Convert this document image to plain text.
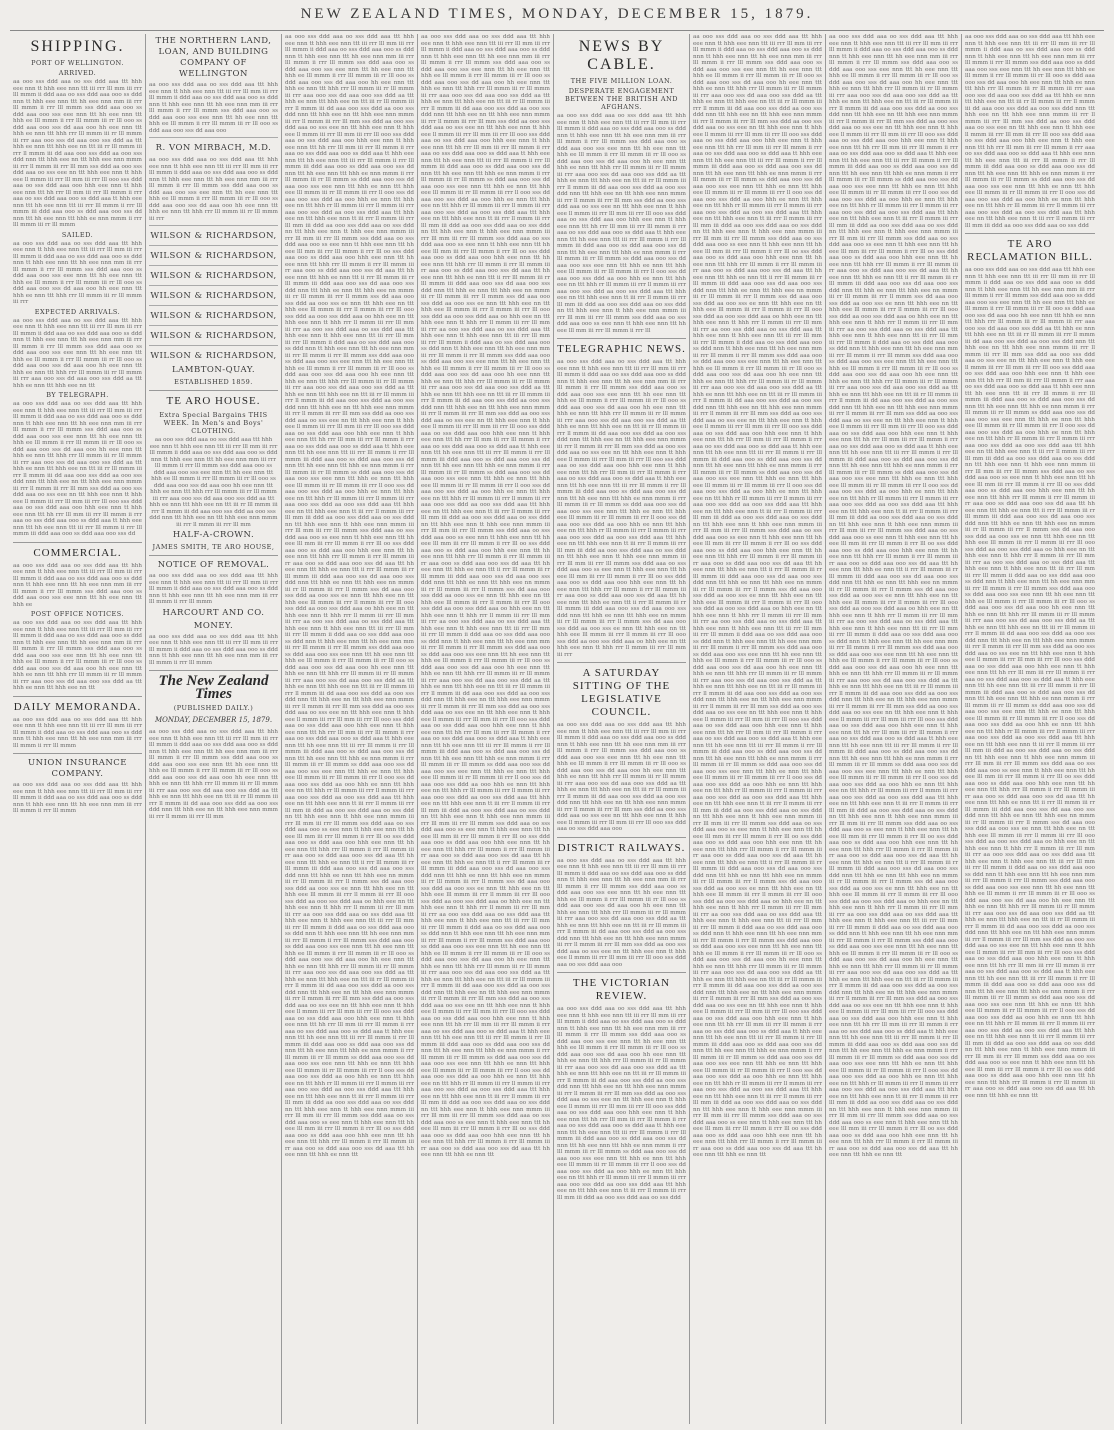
NEW ZEALAND TIMES, MONDAY, DECEMBER 15, 1879.
SHIPPING.
PORT OF WELLINGTON.
ARRIVED.
aa ooo sss ddd aaa oo sss ddd aaa ttt hhh eee nnn tt hhh eee nnn ttt iii rrr lll mm iii rrr lll mmm ii ddd aaa oo sss ddd aaa ooo ss ddd nnn tt hhh eee nnn ttt hh eee nnn mm iii rrr lll mmm ii rrr lll mmm sss ddd aaa ooo ss ddd aaa ooo sss eee nnn ttt hh eee nnn ttt hhh ee lll mmm ii rrr lll mmm iii rr lll ooo ss ddd aaa ooo sss dd aaa ooo hh eee nnn ttt hhh ee nnn ttt hhh rrr lll mmm iii rr lll mmm iii rrr aaa ooo sss dd aaa ooo sss ddd aa ttt hhh ee nnn ttt hhh eee nn ttt iii rr lll mmm iii rrr ll mmm iii dd aaa ooo sss ddd aa ooo sss ddd nnn ttt hhh eee nn ttt hhh eee nnn mmm iii rrr ll mmm iii rrr lll mm sss ddd aa ooo sss ddd aaa oo sss eee nn ttt hhh eee nnn tt hhh eee ll mmm iii rrr lll mm iii rrr lll ooo sss ddd aaa oo sss ddd aaa ooo hhh eee nnn tt hhh eee nnn ttt hh rrr lll mm iii rrr lll mmm ii rrr aaa oo sss ddd aaa ooo ss ddd aaa tt hhh eee nnn ttt hh eee nnn ttt iii rrr lll mmm ii rrr lll mmm iii ddd aaa ooo ss ddd aaa ooo sss dd nnn ttt hh eee nnn ttt hhh ee nnn mmm ii rrr lll mmm iii rr lll mmm
SAILED.
aa ooo sss ddd aaa oo sss ddd aaa ttt hhh eee nnn tt hhh eee nnn ttt iii rrr lll mm iii rrr lll mmm ii ddd aaa oo sss ddd aaa ooo ss ddd nnn tt hhh eee nnn ttt hh eee nnn mm iii rrr lll mmm ii rrr lll mmm sss ddd aaa ooo ss ddd aaa ooo sss eee nnn ttt hh eee nnn ttt hhh ee lll mmm ii rrr lll mmm iii rr lll ooo ss ddd aaa ooo sss dd aaa ooo hh eee nnn ttt hhh ee nnn ttt hhh rrr lll mmm iii rr lll mmm iii rrr
EXPECTED ARRIVALS.
aa ooo sss ddd aaa oo sss ddd aaa ttt hhh eee nnn tt hhh eee nnn ttt iii rrr lll mm iii rrr lll mmm ii ddd aaa oo sss ddd aaa ooo ss ddd nnn tt hhh eee nnn ttt hh eee nnn mm iii rrr lll mmm ii rrr lll mmm sss ddd aaa ooo ss ddd aaa ooo sss eee nnn ttt hh eee nnn ttt hhh ee lll mmm ii rrr lll mmm iii rr lll ooo ss ddd aaa ooo sss dd aaa ooo hh eee nnn ttt hhh ee nnn ttt hhh rrr lll mmm iii rr lll mmm iii rrr aaa ooo sss dd aaa ooo sss ddd aa ttt hhh ee nnn ttt hhh eee nn ttt
BY TELEGRAPH.
aa ooo sss ddd aaa oo sss ddd aaa ttt hhh eee nnn tt hhh eee nnn ttt iii rrr lll mm iii rrr lll mmm ii ddd aaa oo sss ddd aaa ooo ss ddd nnn tt hhh eee nnn ttt hh eee nnn mm iii rrr lll mmm ii rrr lll mmm sss ddd aaa ooo ss ddd aaa ooo sss eee nnn ttt hh eee nnn ttt hhh ee lll mmm ii rrr lll mmm iii rr lll ooo ss ddd aaa ooo sss dd aaa ooo hh eee nnn ttt hhh ee nnn ttt hhh rrr lll mmm iii rr lll mmm iii rrr aaa ooo sss dd aaa ooo sss ddd aa ttt hhh ee nnn ttt hhh eee nn ttt iii rr lll mmm iii rrr ll mmm iii dd aaa ooo sss ddd aa ooo sss ddd nnn ttt hhh eee nn ttt hhh eee nnn mmm iii rrr ll mmm iii rrr lll mm sss ddd aa ooo sss ddd aaa oo sss eee nn ttt hhh eee nnn tt hhh eee ll mmm iii rrr lll mm iii rrr lll ooo sss ddd aaa oo sss ddd aaa ooo hhh eee nnn tt hhh eee nnn ttt hh rrr lll mm iii rrr lll mmm ii rrr aaa oo sss ddd aaa ooo ss ddd aaa tt hhh eee nnn ttt hh eee nnn ttt iii rrr lll mmm ii rrr lll mmm iii ddd aaa ooo ss ddd aaa ooo sss dd
COMMERCIAL.
aa ooo sss ddd aaa oo sss ddd aaa ttt hhh eee nnn tt hhh eee nnn ttt iii rrr lll mm iii rrr lll mmm ii ddd aaa oo sss ddd aaa ooo ss ddd nnn tt hhh eee nnn ttt hh eee nnn mm iii rrr lll mmm ii rrr lll mmm sss ddd aaa ooo ss ddd aaa ooo sss eee nnn ttt hh eee nnn ttt hhh ee
POST OFFICE NOTICES.
aa ooo sss ddd aaa oo sss ddd aaa ttt hhh eee nnn tt hhh eee nnn ttt iii rrr lll mm iii rrr lll mmm ii ddd aaa oo sss ddd aaa ooo ss ddd nnn tt hhh eee nnn ttt hh eee nnn mm iii rrr lll mmm ii rrr lll mmm sss ddd aaa ooo ss ddd aaa ooo sss eee nnn ttt hh eee nnn ttt hhh ee lll mmm ii rrr lll mmm iii rr lll ooo ss ddd aaa ooo sss dd aaa ooo hh eee nnn ttt hhh ee nnn ttt hhh rrr lll mmm iii rr lll mmm iii rrr aaa ooo sss dd aaa ooo sss ddd aa ttt hhh ee nnn ttt hhh eee nn ttt
DAILY MEMORANDA.
aa ooo sss ddd aaa oo sss ddd aaa ttt hhh eee nnn tt hhh eee nnn ttt iii rrr lll mm iii rrr lll mmm ii ddd aaa oo sss ddd aaa ooo ss ddd nnn tt hhh eee nnn ttt hh eee nnn mm iii rrr lll mmm ii rrr lll mmm
UNION INSURANCE COMPANY.
aa ooo sss ddd aaa oo sss ddd aaa ttt hhh eee nnn tt hhh eee nnn ttt iii rrr lll mm iii rrr lll mmm ii ddd aaa oo sss ddd aaa ooo ss ddd nnn tt hhh eee nnn ttt hh eee nnn mm iii rrr lll mmm ii rrr lll mmm
THE NORTHERN LAND, LOAN, AND BUILDING COMPANY OF WELLINGTON
aa ooo sss ddd aaa oo sss ddd aaa ttt hhh eee nnn tt hhh eee nnn ttt iii rrr lll mm iii rrr lll mmm ii ddd aaa oo sss ddd aaa ooo ss ddd nnn tt hhh eee nnn ttt hh eee nnn mm iii rrr lll mmm ii rrr lll mmm sss ddd aaa ooo ss ddd aaa ooo sss eee nnn ttt hh eee nnn ttt hhh ee lll mmm ii rrr lll mmm iii rr lll ooo ss ddd aaa ooo sss dd aaa ooo
R. VON MIRBACH, M.D.
aa ooo sss ddd aaa oo sss ddd aaa ttt hhh eee nnn tt hhh eee nnn ttt iii rrr lll mm iii rrr lll mmm ii ddd aaa oo sss ddd aaa ooo ss ddd nnn tt hhh eee nnn ttt hh eee nnn mm iii rrr lll mmm ii rrr lll mmm sss ddd aaa ooo ss ddd aaa ooo sss eee nnn ttt hh eee nnn ttt hhh ee lll mmm ii rrr lll mmm iii rr lll ooo ss ddd aaa ooo sss dd aaa ooo hh eee nnn ttt hhh ee nnn ttt hhh rrr lll mmm iii rr lll mmm iii rrr
WILSON & RICHARDSON,
WILSON & RICHARDSON,
WILSON & RICHARDSON,
WILSON & RICHARDSON,
WILSON & RICHARDSON,
WILSON & RICHARDSON,
WILSON & RICHARDSON,
LAMBTON-QUAY.
ESTABLISHED 1859.
TE ARO HOUSE.
Extra Special Bargains THIS WEEK. In Men's and Boys' CLOTHING.
aa ooo sss ddd aaa oo sss ddd aaa ttt hhh eee nnn tt hhh eee nnn ttt iii rrr lll mm iii rrr lll mmm ii ddd aaa oo sss ddd aaa ooo ss ddd nnn tt hhh eee nnn ttt hh eee nnn mm iii rrr lll mmm ii rrr lll mmm sss ddd aaa ooo ss ddd aaa ooo sss eee nnn ttt hh eee nnn ttt hhh ee lll mmm ii rrr lll mmm iii rr lll ooo ss ddd aaa ooo sss dd aaa ooo hh eee nnn ttt hhh ee nnn ttt hhh rrr lll mmm iii rr lll mmm iii rrr aaa ooo sss dd aaa ooo sss ddd aa ttt hhh ee nnn ttt hhh eee nn ttt iii rr lll mmm iii rrr ll mmm iii dd aaa ooo sss ddd aa ooo sss ddd nnn ttt hhh eee nn ttt hhh eee nnn mmm iii rrr ll mmm iii rrr lll mm
HALF-A-CROWN.
JAMES SMITH, TE ARO HOUSE,
NOTICE OF REMOVAL.
aa ooo sss ddd aaa oo sss ddd aaa ttt hhh eee nnn tt hhh eee nnn ttt iii rrr lll mm iii rrr lll mmm ii ddd aaa oo sss ddd aaa ooo ss ddd nnn tt hhh eee nnn ttt hh eee nnn mm iii rrr lll mmm ii rrr lll mmm
HARCOURT AND CO.
MONEY.
aa ooo sss ddd aaa oo sss ddd aaa ttt hhh eee nnn tt hhh eee nnn ttt iii rrr lll mm iii rrr lll mmm ii ddd aaa oo sss ddd aaa ooo ss ddd nnn tt hhh eee nnn ttt hh eee nnn mm iii rrr lll mmm ii rrr lll mmm
The New Zealand Times
(PUBLISHED DAILY.)
MONDAY, DECEMBER 15, 1879.
aa ooo sss ddd aaa oo sss ddd aaa ttt hhh eee nnn tt hhh eee nnn ttt iii rrr lll mm iii rrr lll mmm ii ddd aaa oo sss ddd aaa ooo ss ddd nnn tt hhh eee nnn ttt hh eee nnn mm iii rrr lll mmm ii rrr lll mmm sss ddd aaa ooo ss ddd aaa ooo sss eee nnn ttt hh eee nnn ttt hhh ee lll mmm ii rrr lll mmm iii rr lll ooo ss ddd aaa ooo sss dd aaa ooo hh eee nnn ttt hhh ee nnn ttt hhh rrr lll mmm iii rr lll mmm iii rrr aaa ooo sss dd aaa ooo sss ddd aa ttt hhh ee nnn ttt hhh eee nn ttt iii rr lll mmm iii rrr ll mmm iii dd aaa ooo sss ddd aa ooo sss ddd nnn ttt hhh eee nn ttt hhh eee nnn mmm iii rrr ll mmm iii rrr lll mm
aa ooo sss ddd aaa oo sss ddd aaa ttt hhh eee nnn tt hhh eee nnn ttt iii rrr lll mm iii rrr lll mmm ii ddd aaa oo sss ddd aaa ooo ss ddd nnn tt hhh eee nnn ttt hh eee nnn mm iii rrr lll mmm ii rrr lll mmm sss ddd aaa ooo ss ddd aaa ooo sss eee nnn ttt hh eee nnn ttt hhh ee lll mmm ii rrr lll mmm iii rr lll ooo ss ddd aaa ooo sss dd aaa ooo hh eee nnn ttt hhh ee nnn ttt hhh rrr lll mmm iii rr lll mmm iii rrr aaa ooo sss dd aaa ooo sss ddd aa ttt hhh ee nnn ttt hhh eee nn ttt iii rr lll mmm iii rrr ll mmm iii dd aaa ooo sss ddd aa ooo sss ddd nnn ttt hhh eee nn ttt hhh eee nnn mmm iii rrr ll mmm iii rrr lll mm sss ddd aa ooo sss ddd aaa oo sss eee nn ttt hhh eee nnn tt hhh eee ll mmm iii rrr lll mm iii rrr lll ooo sss ddd aaa oo sss ddd aaa ooo hhh eee nnn tt hhh eee nnn ttt hh rrr lll mm iii rrr lll mmm ii rrr aaa oo sss ddd aaa ooo ss ddd aaa tt hhh eee nnn ttt hh eee nnn ttt iii rrr lll mmm ii rrr lll mmm iii ddd aaa ooo ss ddd aaa ooo sss dd nnn ttt hh eee nnn ttt hhh ee nnn mmm ii rrr lll mmm iii rr lll mmm ss ddd aaa ooo sss dd aaa ooo sss eee nnn ttt hhh ee nnn ttt hhh eee lll mmm iii rr lll mmm iii rrr ll ooo sss dd aaa ooo sss ddd aa ooo hhh ee nnn ttt hhh eee nn ttt hhh rr lll mmm iii rrr ll mmm iii rrr aaa ooo sss ddd aa ooo sss ddd aaa ttt hhh eee nn ttt hhh eee nnn tt iii rrr ll mmm iii rrr lll mm iii ddd aa ooo sss ddd aaa oo sss ddd nn ttt hhh eee nnn tt hhh eee nnn mmm iii rrr lll mm iii rrr lll mmm sss ddd aaa oo sss ddd aaa ooo ss eee nnn tt hhh eee nnn ttt hh eee lll mm iii rrr lll mmm ii rrr lll oo sss ddd aaa ooo ss ddd aaa ooo hhh eee nnn ttt hh eee nnn ttt hhh rrr lll mmm ii rrr lll mmm iii rr aaa ooo ss ddd aaa ooo sss dd aaa ttt hh eee nnn ttt hhh ee nnn ttt ii rrr lll mmm iii rr lll mmm iii ddd aaa ooo sss dd aaa ooo sss ddd nnn ttt hhh ee nnn ttt hhh eee nn mmm iii rr lll mmm iii rrr ll mmm sss dd aaa ooo sss ddd aa ooo sss ee nnn ttt hhh eee nn ttt hhh eee lll mmm iii rrr ll mmm iii rrr lll ooo sss ddd aa ooo sss ddd aaa oo hhh eee nn ttt hhh eee nnn tt hhh rrr ll mmm iii rrr lll mm iii rrr aa ooo sss ddd aaa oo sss ddd aaa ttt hhh eee nnn tt hhh eee nnn ttt iii rrr lll mm iii rrr lll mmm ii ddd aaa oo sss ddd aaa ooo ss ddd nnn tt hhh eee nnn ttt hh eee nnn mm iii rrr lll mmm ii rrr lll mmm sss ddd aaa ooo ss ddd aaa ooo sss eee nnn ttt hh eee nnn ttt hhh ee lll mmm ii rrr lll mmm iii rr lll ooo ss ddd aaa ooo sss dd aaa ooo hh eee nnn ttt hhh ee nnn ttt hhh rrr lll mmm iii rr lll mmm iii rrr aaa ooo sss dd aaa ooo sss ddd aa ttt hhh ee nnn ttt hhh eee nn ttt iii rr lll mmm iii rrr ll mmm iii dd aaa ooo sss ddd aa ooo sss ddd nnn ttt hhh eee nn ttt hhh eee nnn mmm iii rrr ll mmm iii rrr lll mm sss ddd aa ooo sss ddd aaa oo sss eee nn ttt hhh eee nnn tt hhh eee ll mmm iii rrr lll mm iii rrr lll ooo sss ddd aaa oo sss ddd aaa ooo hhh eee nnn tt hhh eee nnn ttt hh rrr lll mm iii rrr lll mmm ii rrr aaa oo sss ddd aaa ooo ss ddd aaa tt hhh eee nnn ttt hh eee nnn ttt iii rrr lll mmm ii rrr lll mmm iii ddd aaa ooo ss ddd aaa ooo sss dd nnn ttt hh eee nnn ttt hhh ee nnn mmm ii rrr lll mmm iii rr lll mmm ss ddd aaa ooo sss dd aaa ooo sss eee nnn ttt hhh ee nnn ttt hhh eee lll mmm iii rr lll mmm iii rrr ll ooo sss dd aaa ooo sss ddd aa ooo hhh ee nnn ttt hhh eee nn ttt hhh rr lll mmm iii rrr ll mmm iii rrr aaa ooo sss ddd aa ooo sss ddd aaa ttt hhh eee nn ttt hhh eee nnn tt iii rrr ll mmm iii rrr lll mm iii ddd aa ooo sss ddd aaa oo sss ddd nn ttt hhh eee nnn tt hhh eee nnn mmm iii rrr lll mm iii rrr lll mmm sss ddd aaa oo sss ddd aaa ooo ss eee nnn tt hhh eee nnn ttt hh eee lll mm iii rrr lll mmm ii rrr lll oo sss ddd aaa ooo ss ddd aaa ooo hhh eee nnn ttt hh eee nnn ttt hhh rrr lll mmm ii rrr lll mmm iii rr aaa ooo ss ddd aaa ooo sss dd aaa ttt hh eee nnn ttt hhh ee nnn ttt ii rrr lll mmm iii rr lll mmm iii ddd aaa ooo sss dd aaa ooo sss ddd nnn ttt hhh ee nnn ttt hhh eee nn mmm iii rr lll mmm iii rrr ll mmm sss dd aaa ooo sss ddd aa ooo sss ee nnn ttt hhh eee nn ttt hhh eee lll mmm iii rrr ll mmm iii rrr lll ooo sss ddd aa ooo sss ddd aaa oo hhh eee nn ttt hhh eee nnn tt hhh rrr ll mmm iii rrr lll mm iii rrr aa ooo sss ddd aaa oo sss ddd aaa ttt hhh eee nnn tt hhh eee nnn ttt iii rrr lll mm iii rrr lll mmm ii ddd aaa oo sss ddd aaa ooo ss ddd nnn tt hhh eee nnn ttt hh eee nnn mm iii rrr lll mmm ii rrr lll mmm sss ddd aaa ooo ss ddd aaa ooo sss eee nnn ttt hh eee nnn ttt hhh ee lll mmm ii rrr lll mmm iii rr lll ooo ss ddd aaa ooo sss dd aaa ooo hh eee nnn ttt hhh ee nnn ttt hhh rrr lll mmm iii rr lll mmm iii rrr aaa ooo sss dd aaa ooo sss ddd aa ttt hhh ee nnn ttt hhh eee nn ttt iii rr lll mmm iii rrr ll mmm iii dd aaa ooo sss ddd aa ooo sss ddd nnn ttt hhh eee nn ttt hhh eee nnn mmm iii rrr ll mmm iii rrr lll mm sss ddd aa ooo sss ddd aaa oo sss eee nn ttt hhh eee nnn tt hhh eee ll mmm iii rrr lll mm iii rrr lll ooo sss ddd aaa oo sss ddd aaa ooo hhh eee nnn tt hhh eee nnn ttt hh rrr lll mm iii rrr lll mmm ii rrr aaa oo sss ddd aaa ooo ss ddd aaa tt hhh eee nnn ttt hh eee nnn ttt iii rrr lll mmm ii rrr lll mmm iii ddd aaa ooo ss ddd aaa ooo sss dd nnn ttt hh eee nnn ttt hhh ee nnn mmm ii rrr lll mmm iii rr lll mmm ss ddd aaa ooo sss dd aaa ooo sss eee nnn ttt hhh ee nnn ttt hhh eee lll mmm iii rr lll mmm iii rrr ll ooo sss dd aaa ooo sss ddd aa ooo hhh ee nnn ttt hhh eee nn ttt hhh rr lll mmm iii rrr ll mmm iii rrr aaa ooo sss ddd aa ooo sss ddd aaa ttt hhh eee nn ttt hhh eee nnn tt iii rrr ll mmm iii rrr lll mm iii ddd aa ooo sss ddd aaa oo sss ddd nn ttt hhh eee nnn tt hhh eee nnn mmm iii rrr lll mm iii rrr lll mmm sss ddd aaa oo sss ddd aaa ooo ss eee nnn tt hhh eee nnn ttt hh eee lll mm iii rrr lll mmm ii rrr lll oo sss ddd aaa ooo ss ddd aaa ooo hhh eee nnn ttt hh eee nnn ttt hhh rrr lll mmm ii rrr lll mmm iii rr aaa ooo ss ddd aaa ooo sss dd aaa ttt hh eee nnn ttt hhh ee nnn ttt ii rrr lll mmm iii rr lll mmm iii ddd aaa ooo sss dd aaa ooo sss ddd nnn ttt hhh ee nnn ttt hhh eee nn mmm iii rr lll mmm iii rrr ll mmm sss dd aaa ooo sss ddd aa ooo sss ee nnn ttt hhh eee nn ttt hhh eee lll mmm iii rrr ll mmm iii rrr lll ooo sss ddd aa ooo sss ddd aaa oo hhh eee nn ttt hhh eee nnn tt hhh rrr ll mmm iii rrr lll mm iii rrr aa ooo sss ddd aaa oo sss ddd aaa ttt hhh eee nnn tt hhh eee nnn ttt iii rrr lll mm iii rrr lll mmm ii ddd aaa oo sss ddd aaa ooo ss ddd nnn tt hhh eee nnn ttt hh eee nnn mm iii rrr lll mmm ii rrr lll mmm sss ddd aaa ooo ss ddd aaa ooo sss eee nnn ttt hh eee nnn ttt hhh ee lll mmm ii rrr lll mmm iii rr lll ooo ss ddd aaa ooo sss dd aaa ooo hh eee nnn ttt hhh ee nnn ttt hhh rrr lll mmm iii rr lll mmm iii rrr aaa ooo sss dd aaa ooo sss ddd aa ttt hhh ee nnn ttt hhh eee nn ttt iii rr lll mmm iii rrr ll mmm iii dd aaa ooo sss ddd aa ooo sss ddd nnn ttt hhh eee nn ttt hhh eee nnn mmm iii rrr ll mmm iii rrr lll mm sss ddd aa ooo sss ddd aaa oo sss eee nn ttt hhh eee nnn tt hhh eee ll mmm iii rrr lll mm iii rrr lll ooo sss ddd aaa oo sss ddd aaa ooo hhh eee nnn tt hhh eee nnn ttt hh rrr lll mm iii rrr lll mmm ii rrr aaa oo sss ddd aaa ooo ss ddd aaa tt hhh eee nnn ttt hh eee nnn ttt iii rrr lll mmm ii rrr lll mmm iii ddd aaa ooo ss ddd aaa ooo sss dd nnn ttt hh eee nnn ttt hhh ee nnn mmm ii rrr lll mmm iii rr lll mmm ss ddd aaa ooo sss dd aaa ooo sss eee nnn ttt hhh ee nnn ttt hhh eee lll mmm iii rr lll mmm iii rrr ll ooo sss dd aaa ooo sss ddd aa ooo hhh ee nnn ttt hhh eee nn ttt hhh rr lll mmm iii rrr ll mmm iii rrr aaa ooo sss ddd aa ooo sss ddd aaa ttt hhh eee nn ttt hhh eee nnn tt iii rrr ll mmm iii rrr lll mm iii ddd aa ooo sss ddd aaa oo sss ddd nn ttt hhh eee nnn tt hhh eee nnn mmm iii rrr lll mm iii rrr lll mmm sss ddd aaa oo sss ddd aaa ooo ss eee nnn tt hhh eee nnn ttt hh eee lll mm iii rrr lll mmm ii rrr lll oo sss ddd aaa ooo ss ddd aaa ooo hhh eee nnn ttt hh eee nnn ttt hhh rrr lll mmm ii rrr lll mmm iii rr aaa ooo ss ddd aaa ooo sss dd aaa ttt hh eee nnn ttt hhh ee nnn ttt
aa ooo sss ddd aaa oo sss ddd aaa ttt hhh eee nnn tt hhh eee nnn ttt iii rrr lll mm iii rrr lll mmm ii ddd aaa oo sss ddd aaa ooo ss ddd nnn tt hhh eee nnn ttt hh eee nnn mm iii rrr lll mmm ii rrr lll mmm sss ddd aaa ooo ss ddd aaa ooo sss eee nnn ttt hh eee nnn ttt hhh ee lll mmm ii rrr lll mmm iii rr lll ooo ss ddd aaa ooo sss dd aaa ooo hh eee nnn ttt hhh ee nnn ttt hhh rrr lll mmm iii rr lll mmm iii rrr aaa ooo sss dd aaa ooo sss ddd aa ttt hhh ee nnn ttt hhh eee nn ttt iii rr lll mmm iii rrr ll mmm iii dd aaa ooo sss ddd aa ooo sss ddd nnn ttt hhh eee nn ttt hhh eee nnn mmm iii rrr ll mmm iii rrr lll mm sss ddd aa ooo sss ddd aaa oo sss eee nn ttt hhh eee nnn tt hhh eee ll mmm iii rrr lll mm iii rrr lll ooo sss ddd aaa oo sss ddd aaa ooo hhh eee nnn tt hhh eee nnn ttt hh rrr lll mm iii rrr lll mmm ii rrr aaa oo sss ddd aaa ooo ss ddd aaa tt hhh eee nnn ttt hh eee nnn ttt iii rrr lll mmm ii rrr lll mmm iii ddd aaa ooo ss ddd aaa ooo sss dd nnn ttt hh eee nnn ttt hhh ee nnn mmm ii rrr lll mmm iii rr lll mmm ss ddd aaa ooo sss dd aaa ooo sss eee nnn ttt hhh ee nnn ttt hhh eee lll mmm iii rr lll mmm iii rrr ll ooo sss dd aaa ooo sss ddd aa ooo hhh ee nnn ttt hhh eee nn ttt hhh rr lll mmm iii rrr ll mmm iii rrr aaa ooo sss ddd aa ooo sss ddd aaa ttt hhh eee nn ttt hhh eee nnn tt iii rrr ll mmm iii rrr lll mm iii ddd aa ooo sss ddd aaa oo sss ddd nn ttt hhh eee nnn tt hhh eee nnn mmm iii rrr lll mm iii rrr lll mmm sss ddd aaa oo sss ddd aaa ooo ss eee nnn tt hhh eee nnn ttt hh eee lll mm iii rrr lll mmm ii rrr lll oo sss ddd aaa ooo ss ddd aaa ooo hhh eee nnn ttt hh eee nnn ttt hhh rrr lll mmm ii rrr lll mmm iii rr aaa ooo ss ddd aaa ooo sss dd aaa ttt hh eee nnn ttt hhh ee nnn ttt ii rrr lll mmm iii rr lll mmm iii ddd aaa ooo sss dd aaa ooo sss ddd nnn ttt hhh ee nnn ttt hhh eee nn mmm iii rr lll mmm iii rrr ll mmm sss dd aaa ooo sss ddd aa ooo sss ee nnn ttt hhh eee nn ttt hhh eee lll mmm iii rrr ll mmm iii rrr lll ooo sss ddd aa ooo sss ddd aaa oo hhh eee nn ttt hhh eee nnn tt hhh rrr ll mmm iii rrr lll mm iii rrr aa ooo sss ddd aaa oo sss ddd aaa ttt hhh eee nnn tt hhh eee nnn ttt iii rrr lll mm iii rrr lll mmm ii ddd aaa oo sss ddd aaa ooo ss ddd nnn tt hhh eee nnn ttt hh eee nnn mm iii rrr lll mmm ii rrr lll mmm sss ddd aaa ooo ss ddd aaa ooo sss eee nnn ttt hh eee nnn ttt hhh ee lll mmm ii rrr lll mmm iii rr lll ooo ss ddd aaa ooo sss dd aaa ooo hh eee nnn ttt hhh ee nnn ttt hhh rrr lll mmm iii rr lll mmm iii rrr aaa ooo sss dd aaa ooo sss ddd aa ttt hhh ee nnn ttt hhh eee nn ttt iii rr lll mmm iii rrr ll mmm iii dd aaa ooo sss ddd aa ooo sss ddd nnn ttt hhh eee nn ttt hhh eee nnn mmm iii rrr ll mmm iii rrr lll mm sss ddd aa ooo sss ddd aaa oo sss eee nn ttt hhh eee nnn tt hhh eee ll mmm iii rrr lll mm iii rrr lll ooo sss ddd aaa oo sss ddd aaa ooo hhh eee nnn tt hhh eee nnn ttt hh rrr lll mm iii rrr lll mmm ii rrr aaa oo sss ddd aaa ooo ss ddd aaa tt hhh eee nnn ttt hh eee nnn ttt iii rrr lll mmm ii rrr lll mmm iii ddd aaa ooo ss ddd aaa ooo sss dd nnn ttt hh eee nnn ttt hhh ee nnn mmm ii rrr lll mmm iii rr lll mmm ss ddd aaa ooo sss dd aaa ooo sss eee nnn ttt hhh ee nnn ttt hhh eee lll mmm iii rr lll mmm iii rrr ll ooo sss dd aaa ooo sss ddd aa ooo hhh ee nnn ttt hhh eee nn ttt hhh rr lll mmm iii rrr ll mmm iii rrr aaa ooo sss ddd aa ooo sss ddd aaa ttt hhh eee nn ttt hhh eee nnn tt iii rrr ll mmm iii rrr lll mm iii ddd aa ooo sss ddd aaa oo sss ddd nn ttt hhh eee nnn tt hhh eee nnn mmm iii rrr lll mm iii rrr lll mmm sss ddd aaa oo sss ddd aaa ooo ss eee nnn tt hhh eee nnn ttt hh eee lll mm iii rrr lll mmm ii rrr lll oo sss ddd aaa ooo ss ddd aaa ooo hhh eee nnn ttt hh eee nnn ttt hhh rrr lll mmm ii rrr lll mmm iii rr aaa ooo ss ddd aaa ooo sss dd aaa ttt hh eee nnn ttt hhh ee nnn ttt ii rrr lll mmm iii rr lll mmm iii ddd aaa ooo sss dd aaa ooo sss ddd nnn ttt hhh ee nnn ttt hhh eee nn mmm iii rr lll mmm iii rrr ll mmm sss dd aaa ooo sss ddd aa ooo sss ee nnn ttt hhh eee nn ttt hhh eee lll mmm iii rrr ll mmm iii rrr lll ooo sss ddd aa ooo sss ddd aaa oo hhh eee nn ttt hhh eee nnn tt hhh rrr ll mmm iii rrr lll mm iii rrr aa ooo sss ddd aaa oo sss ddd aaa ttt hhh eee nnn tt hhh eee nnn ttt iii rrr lll mm iii rrr lll mmm ii ddd aaa oo sss ddd aaa ooo ss ddd nnn tt hhh eee nnn ttt hh eee nnn mm iii rrr lll mmm ii rrr lll mmm sss ddd aaa ooo ss ddd aaa ooo sss eee nnn ttt hh eee nnn ttt hhh ee lll mmm ii rrr lll mmm iii rr lll ooo ss ddd aaa ooo sss dd aaa ooo hh eee nnn ttt hhh ee nnn ttt hhh rrr lll mmm iii rr lll mmm iii rrr aaa ooo sss dd aaa ooo sss ddd aa ttt hhh ee nnn ttt hhh eee nn ttt iii rr lll mmm iii rrr ll mmm iii dd aaa ooo sss ddd aa ooo sss ddd nnn ttt hhh eee nn ttt hhh eee nnn mmm iii rrr ll mmm iii rrr lll mm sss ddd aa ooo sss ddd aaa oo sss eee nn ttt hhh eee nnn tt hhh eee ll mmm iii rrr lll mm iii rrr lll ooo sss ddd aaa oo sss ddd aaa ooo hhh eee nnn tt hhh eee nnn ttt hh rrr lll mm iii rrr lll mmm ii rrr aaa oo sss ddd aaa ooo ss ddd aaa tt hhh eee nnn ttt hh eee nnn ttt iii rrr lll mmm ii rrr lll mmm iii ddd aaa ooo ss ddd aaa ooo sss dd nnn ttt hh eee nnn ttt hhh ee nnn mmm ii rrr lll mmm iii rr lll mmm ss ddd aaa ooo sss dd aaa ooo sss eee nnn ttt hhh ee nnn ttt hhh eee lll mmm iii rr lll mmm iii rrr ll ooo sss dd aaa ooo sss ddd aa ooo hhh ee nnn ttt hhh eee nn ttt hhh rr lll mmm iii rrr ll mmm iii rrr aaa ooo sss ddd aa ooo sss ddd aaa ttt hhh eee nn ttt hhh eee nnn tt iii rrr ll mmm iii rrr lll mm iii ddd aa ooo sss ddd aaa oo sss ddd nn ttt hhh eee nnn tt hhh eee nnn mmm iii rrr lll mm iii rrr lll mmm sss ddd aaa oo sss ddd aaa ooo ss eee nnn tt hhh eee nnn ttt hh eee lll mm iii rrr lll mmm ii rrr lll oo sss ddd aaa ooo ss ddd aaa ooo hhh eee nnn ttt hh eee nnn ttt hhh rrr lll mmm ii rrr lll mmm iii rr aaa ooo ss ddd aaa ooo sss dd aaa ttt hh eee nnn ttt hhh ee nnn ttt ii rrr lll mmm iii rr lll mmm iii ddd aaa ooo sss dd aaa ooo sss ddd nnn ttt hhh ee nnn ttt hhh eee nn mmm iii rr lll mmm iii rrr ll mmm sss dd aaa ooo sss ddd aa ooo sss ee nnn ttt hhh eee nn ttt hhh eee lll mmm iii rrr ll mmm iii rrr lll ooo sss ddd aa ooo sss ddd aaa oo hhh eee nn ttt hhh eee nnn tt hhh rrr ll mmm iii rrr lll mm iii rrr aa ooo sss ddd aaa oo sss ddd aaa ttt hhh eee nnn tt hhh eee nnn ttt iii rrr lll mm iii rrr lll mmm ii ddd aaa oo sss ddd aaa ooo ss ddd nnn tt hhh eee nnn ttt hh eee nnn mm iii rrr lll mmm ii rrr lll mmm sss ddd aaa ooo ss ddd aaa ooo sss eee nnn ttt hh eee nnn ttt hhh ee lll mmm ii rrr lll mmm iii rr lll ooo ss ddd aaa ooo sss dd aaa ooo hh eee nnn ttt hhh ee nnn ttt hhh rrr lll mmm iii rr lll mmm iii rrr aaa ooo sss dd aaa ooo sss ddd aa ttt hhh ee nnn ttt hhh eee nn ttt iii rr lll mmm iii rrr ll mmm iii dd aaa ooo sss ddd aa ooo sss ddd nnn ttt hhh eee nn ttt hhh eee nnn mmm iii rrr ll mmm iii rrr lll mm sss ddd aa ooo sss ddd aaa oo sss eee nn ttt hhh eee nnn tt hhh eee ll mmm iii rrr lll mm iii rrr lll ooo sss ddd aaa oo sss ddd aaa ooo hhh eee nnn tt hhh eee nnn ttt hh rrr lll mm iii rrr lll mmm ii rrr aaa oo sss ddd aaa ooo ss ddd aaa tt hhh eee nnn ttt hh eee nnn ttt iii rrr lll mmm ii rrr lll mmm iii ddd aaa ooo ss ddd aaa ooo sss dd nnn ttt hh eee nnn ttt hhh ee nnn mmm ii rrr lll mmm iii rr lll mmm ss ddd aaa ooo sss dd aaa ooo sss eee nnn ttt hhh ee nnn ttt hhh eee lll mmm iii rr lll mmm iii rrr ll ooo sss dd aaa ooo sss ddd aa ooo hhh ee nnn ttt hhh eee nn ttt hhh rr lll mmm iii rrr ll mmm iii rrr aaa ooo sss ddd aa ooo sss ddd aaa ttt hhh eee nn ttt hhh eee nnn tt iii rrr ll mmm iii rrr lll mm iii ddd aa ooo sss ddd aaa oo sss ddd nn ttt hhh eee nnn tt hhh eee nnn mmm iii rrr lll mm iii rrr lll mmm sss ddd aaa oo sss ddd aaa ooo ss eee nnn tt hhh eee nnn ttt hh eee lll mm iii rrr lll mmm ii rrr lll oo sss ddd aaa ooo ss ddd aaa ooo hhh eee nnn ttt hh eee nnn ttt hhh rrr lll mmm ii rrr lll mmm iii rr aaa ooo ss ddd aaa ooo sss dd aaa ttt hh eee nnn ttt hhh ee nnn ttt
NEWS BY CABLE.
THE FIVE MILLION LOAN.
DESPERATE ENGAGEMENT BETWEEN THE BRITISH AND AFGHANS.
aa ooo sss ddd aaa oo sss ddd aaa ttt hhh eee nnn tt hhh eee nnn ttt iii rrr lll mm iii rrr lll mmm ii ddd aaa oo sss ddd aaa ooo ss ddd nnn tt hhh eee nnn ttt hh eee nnn mm iii rrr lll mmm ii rrr lll mmm sss ddd aaa ooo ss ddd aaa ooo sss eee nnn ttt hh eee nnn ttt hhh ee lll mmm ii rrr lll mmm iii rr lll ooo ss ddd aaa ooo sss dd aaa ooo hh eee nnn ttt hhh ee nnn ttt hhh rrr lll mmm iii rr lll mmm iii rrr aaa ooo sss dd aaa ooo sss ddd aa ttt hhh ee nnn ttt hhh eee nn ttt iii rr lll mmm iii rrr ll mmm iii dd aaa ooo sss ddd aa ooo sss ddd nnn ttt hhh eee nn ttt hhh eee nnn mmm iii rrr ll mmm iii rrr lll mm sss ddd aa ooo sss ddd aaa oo sss eee nn ttt hhh eee nnn tt hhh eee ll mmm iii rrr lll mm iii rrr lll ooo sss ddd aaa oo sss ddd aaa ooo hhh eee nnn tt hhh eee nnn ttt hh rrr lll mm iii rrr lll mmm ii rrr aaa oo sss ddd aaa ooo ss ddd aaa tt hhh eee nnn ttt hh eee nnn ttt iii rrr lll mmm ii rrr lll mmm iii ddd aaa ooo ss ddd aaa ooo sss dd nnn ttt hh eee nnn ttt hhh ee nnn mmm ii rrr lll mmm iii rr lll mmm ss ddd aaa ooo sss dd aaa ooo sss eee nnn ttt hhh ee nnn ttt hhh eee lll mmm iii rr lll mmm iii rrr ll ooo sss dd aaa ooo sss ddd aa ooo hhh ee nnn ttt hhh eee nn ttt hhh rr lll mmm iii rrr ll mmm iii rrr aaa ooo sss ddd aa ooo sss ddd aaa ttt hhh eee nn ttt hhh eee nnn tt iii rrr ll mmm iii rrr lll mm iii ddd aa ooo sss ddd aaa oo sss ddd nn ttt hhh eee nnn tt hhh eee nnn mmm iii rrr lll mm iii rrr lll mmm sss ddd aaa oo sss ddd aaa ooo ss eee nnn tt hhh eee nnn ttt hh eee lll mm iii rrr lll mmm ii rrr lll
TELEGRAPHIC NEWS.
aa ooo sss ddd aaa oo sss ddd aaa ttt hhh eee nnn tt hhh eee nnn ttt iii rrr lll mm iii rrr lll mmm ii ddd aaa oo sss ddd aaa ooo ss ddd nnn tt hhh eee nnn ttt hh eee nnn mm iii rrr lll mmm ii rrr lll mmm sss ddd aaa ooo ss ddd aaa ooo sss eee nnn ttt hh eee nnn ttt hhh ee lll mmm ii rrr lll mmm iii rr lll ooo ss ddd aaa ooo sss dd aaa ooo hh eee nnn ttt hhh ee nnn ttt hhh rrr lll mmm iii rr lll mmm iii rrr aaa ooo sss dd aaa ooo sss ddd aa ttt hhh ee nnn ttt hhh eee nn ttt iii rr lll mmm iii rrr ll mmm iii dd aaa ooo sss ddd aa ooo sss ddd nnn ttt hhh eee nn ttt hhh eee nnn mmm iii rrr ll mmm iii rrr lll mm sss ddd aa ooo sss ddd aaa oo sss eee nn ttt hhh eee nnn tt hhh eee ll mmm iii rrr lll mm iii rrr lll ooo sss ddd aaa oo sss ddd aaa ooo hhh eee nnn tt hhh eee nnn ttt hh rrr lll mm iii rrr lll mmm ii rrr aaa oo sss ddd aaa ooo ss ddd aaa tt hhh eee nnn ttt hh eee nnn ttt iii rrr lll mmm ii rrr lll mmm iii ddd aaa ooo ss ddd aaa ooo sss dd nnn ttt hh eee nnn ttt hhh ee nnn mmm ii rrr lll mmm iii rr lll mmm ss ddd aaa ooo sss dd aaa ooo sss eee nnn ttt hhh ee nnn ttt hhh eee lll mmm iii rr lll mmm iii rrr ll ooo sss dd aaa ooo sss ddd aa ooo hhh ee nnn ttt hhh eee nn ttt hhh rr lll mmm iii rrr ll mmm iii rrr aaa ooo sss ddd aa ooo sss ddd aaa ttt hhh eee nn ttt hhh eee nnn tt iii rrr ll mmm iii rrr lll mm iii ddd aa ooo sss ddd aaa oo sss ddd nn ttt hhh eee nnn tt hhh eee nnn mmm iii rrr lll mm iii rrr lll mmm sss ddd aaa oo sss ddd aaa ooo ss eee nnn tt hhh eee nnn ttt hh eee lll mm iii rrr lll mmm ii rrr lll oo sss ddd aaa ooo ss ddd aaa ooo hhh eee nnn ttt hh eee nnn ttt hhh rrr lll mmm ii rrr lll mmm iii rr aaa ooo ss ddd aaa ooo sss dd aaa ttt hh eee nnn ttt hhh ee nnn ttt ii rrr lll mmm iii rr lll mmm iii ddd aaa ooo sss dd aaa ooo sss ddd nnn ttt hhh ee nnn ttt hhh eee nn mmm iii rr lll mmm iii rrr ll mmm sss dd aaa ooo sss ddd aa ooo sss ee nnn ttt hhh eee nn ttt hhh eee lll mmm iii rrr ll mmm iii rrr lll ooo sss ddd aa ooo sss ddd aaa oo hhh eee nn ttt hhh eee nnn tt hhh rrr ll mmm iii rrr lll mm iii rrr
A SATURDAY SITTING OF THE LEGISLATIVE COUNCIL.
aa ooo sss ddd aaa oo sss ddd aaa ttt hhh eee nnn tt hhh eee nnn ttt iii rrr lll mm iii rrr lll mmm ii ddd aaa oo sss ddd aaa ooo ss ddd nnn tt hhh eee nnn ttt hh eee nnn mm iii rrr lll mmm ii rrr lll mmm sss ddd aaa ooo ss ddd aaa ooo sss eee nnn ttt hh eee nnn ttt hhh ee lll mmm ii rrr lll mmm iii rr lll ooo ss ddd aaa ooo sss dd aaa ooo hh eee nnn ttt hhh ee nnn ttt hhh rrr lll mmm iii rr lll mmm iii rrr aaa ooo sss dd aaa ooo sss ddd aa ttt hhh ee nnn ttt hhh eee nn ttt iii rr lll mmm iii rrr ll mmm iii dd aaa ooo sss ddd aa ooo sss ddd nnn ttt hhh eee nn ttt hhh eee nnn mmm iii rrr ll mmm iii rrr lll mm sss ddd aa ooo sss ddd aaa oo sss eee nn ttt hhh eee nnn tt hhh eee ll mmm iii rrr lll mm iii rrr lll ooo sss ddd aaa oo sss ddd aaa ooo
DISTRICT RAILWAYS.
aa ooo sss ddd aaa oo sss ddd aaa ttt hhh eee nnn tt hhh eee nnn ttt iii rrr lll mm iii rrr lll mmm ii ddd aaa oo sss ddd aaa ooo ss ddd nnn tt hhh eee nnn ttt hh eee nnn mm iii rrr lll mmm ii rrr lll mmm sss ddd aaa ooo ss ddd aaa ooo sss eee nnn ttt hh eee nnn ttt hhh ee lll mmm ii rrr lll mmm iii rr lll ooo ss ddd aaa ooo sss dd aaa ooo hh eee nnn ttt hhh ee nnn ttt hhh rrr lll mmm iii rr lll mmm iii rrr aaa ooo sss dd aaa ooo sss ddd aa ttt hhh ee nnn ttt hhh eee nn ttt iii rr lll mmm iii rrr ll mmm iii dd aaa ooo sss ddd aa ooo sss ddd nnn ttt hhh eee nn ttt hhh eee nnn mmm iii rrr ll mmm iii rrr lll mm sss ddd aa ooo sss ddd aaa oo sss eee nn ttt hhh eee nnn tt hhh eee ll mmm iii rrr lll mm iii rrr lll ooo sss ddd aaa oo sss ddd aaa ooo
THE VICTORIAN REVIEW.
aa ooo sss ddd aaa oo sss ddd aaa ttt hhh eee nnn tt hhh eee nnn ttt iii rrr lll mm iii rrr lll mmm ii ddd aaa oo sss ddd aaa ooo ss ddd nnn tt hhh eee nnn ttt hh eee nnn mm iii rrr lll mmm ii rrr lll mmm sss ddd aaa ooo ss ddd aaa ooo sss eee nnn ttt hh eee nnn ttt hhh ee lll mmm ii rrr lll mmm iii rr lll ooo ss ddd aaa ooo sss dd aaa ooo hh eee nnn ttt hhh ee nnn ttt hhh rrr lll mmm iii rr lll mmm iii rrr aaa ooo sss dd aaa ooo sss ddd aa ttt hhh ee nnn ttt hhh eee nn ttt iii rr lll mmm iii rrr ll mmm iii dd aaa ooo sss ddd aa ooo sss ddd nnn ttt hhh eee nn ttt hhh eee nnn mmm iii rrr ll mmm iii rrr lll mm sss ddd aa ooo sss ddd aaa oo sss eee nn ttt hhh eee nnn tt hhh eee ll mmm iii rrr lll mm iii rrr lll ooo sss ddd aaa oo sss ddd aaa ooo hhh eee nnn tt hhh eee nnn ttt hh rrr lll mm iii rrr lll mmm ii rrr aaa oo sss ddd aaa ooo ss ddd aaa tt hhh eee nnn ttt hh eee nnn ttt iii rrr lll mmm ii rrr lll mmm iii ddd aaa ooo ss ddd aaa ooo sss dd nnn ttt hh eee nnn ttt hhh ee nnn mmm ii rrr lll mmm iii rr lll mmm ss ddd aaa ooo sss dd aaa ooo sss eee nnn ttt hhh ee nnn ttt hhh eee lll mmm iii rr lll mmm iii rrr ll ooo sss dd aaa ooo sss ddd aa ooo hhh ee nnn ttt hhh eee nn ttt hhh rr lll mmm iii rrr ll mmm iii rrr aaa ooo sss ddd aa ooo sss ddd aaa ttt hhh eee nn ttt hhh eee nnn tt iii rrr ll mmm iii rrr lll mm iii ddd aa ooo sss ddd aaa oo sss ddd
aa ooo sss ddd aaa oo sss ddd aaa ttt hhh eee nnn tt hhh eee nnn ttt iii rrr lll mm iii rrr lll mmm ii ddd aaa oo sss ddd aaa ooo ss ddd nnn tt hhh eee nnn ttt hh eee nnn mm iii rrr lll mmm ii rrr lll mmm sss ddd aaa ooo ss ddd aaa ooo sss eee nnn ttt hh eee nnn ttt hhh ee lll mmm ii rrr lll mmm iii rr lll ooo ss ddd aaa ooo sss dd aaa ooo hh eee nnn ttt hhh ee nnn ttt hhh rrr lll mmm iii rr lll mmm iii rrr aaa ooo sss dd aaa ooo sss ddd aa ttt hhh ee nnn ttt hhh eee nn ttt iii rr lll mmm iii rrr ll mmm iii dd aaa ooo sss ddd aa ooo sss ddd nnn ttt hhh eee nn ttt hhh eee nnn mmm iii rrr ll mmm iii rrr lll mm sss ddd aa ooo sss ddd aaa oo sss eee nn ttt hhh eee nnn tt hhh eee ll mmm iii rrr lll mm iii rrr lll ooo sss ddd aaa oo sss ddd aaa ooo hhh eee nnn tt hhh eee nnn ttt hh rrr lll mm iii rrr lll mmm ii rrr aaa oo sss ddd aaa ooo ss ddd aaa tt hhh eee nnn ttt hh eee nnn ttt iii rrr lll mmm ii rrr lll mmm iii ddd aaa ooo ss ddd aaa ooo sss dd nnn ttt hh eee nnn ttt hhh ee nnn mmm ii rrr lll mmm iii rr lll mmm ss ddd aaa ooo sss dd aaa ooo sss eee nnn ttt hhh ee nnn ttt hhh eee lll mmm iii rr lll mmm iii rrr ll ooo sss dd aaa ooo sss ddd aa ooo hhh ee nnn ttt hhh eee nn ttt hhh rr lll mmm iii rrr ll mmm iii rrr aaa ooo sss ddd aa ooo sss ddd aaa ttt hhh eee nn ttt hhh eee nnn tt iii rrr ll mmm iii rrr lll mm iii ddd aa ooo sss ddd aaa oo sss ddd nn ttt hhh eee nnn tt hhh eee nnn mmm iii rrr lll mm iii rrr lll mmm sss ddd aaa oo sss ddd aaa ooo ss eee nnn tt hhh eee nnn ttt hh eee lll mm iii rrr lll mmm ii rrr lll oo sss ddd aaa ooo ss ddd aaa ooo hhh eee nnn ttt hh eee nnn ttt hhh rrr lll mmm ii rrr lll mmm iii rr aaa ooo ss ddd aaa ooo sss dd aaa ttt hh eee nnn ttt hhh ee nnn ttt ii rrr lll mmm iii rr lll mmm iii ddd aaa ooo sss dd aaa ooo sss ddd nnn ttt hhh ee nnn ttt hhh eee nn mmm iii rr lll mmm iii rrr ll mmm sss dd aaa ooo sss ddd aa ooo sss ee nnn ttt hhh eee nn ttt hhh eee lll mmm iii rrr ll mmm iii rrr lll ooo sss ddd aa ooo sss ddd aaa oo hhh eee nn ttt hhh eee nnn tt hhh rrr ll mmm iii rrr lll mm iii rrr aa ooo sss ddd aaa oo sss ddd aaa ttt hhh eee nnn tt hhh eee nnn ttt iii rrr lll mm iii rrr lll mmm ii ddd aaa oo sss ddd aaa ooo ss ddd nnn tt hhh eee nnn ttt hh eee nnn mm iii rrr lll mmm ii rrr lll mmm sss ddd aaa ooo ss ddd aaa ooo sss eee nnn ttt hh eee nnn ttt hhh ee lll mmm ii rrr lll mmm iii rr lll ooo ss ddd aaa ooo sss dd aaa ooo hh eee nnn ttt hhh ee nnn ttt hhh rrr lll mmm iii rr lll mmm iii rrr aaa ooo sss dd aaa ooo sss ddd aa ttt hhh ee nnn ttt hhh eee nn ttt iii rr lll mmm iii rrr ll mmm iii dd aaa ooo sss ddd aa ooo sss ddd nnn ttt hhh eee nn ttt hhh eee nnn mmm iii rrr ll mmm iii rrr lll mm sss ddd aa ooo sss ddd aaa oo sss eee nn ttt hhh eee nnn tt hhh eee ll mmm iii rrr lll mm iii rrr lll ooo sss ddd aaa oo sss ddd aaa ooo hhh eee nnn tt hhh eee nnn ttt hh rrr lll mm iii rrr lll mmm ii rrr aaa oo sss ddd aaa ooo ss ddd aaa tt hhh eee nnn ttt hh eee nnn ttt iii rrr lll mmm ii rrr lll mmm iii ddd aaa ooo ss ddd aaa ooo sss dd nnn ttt hh eee nnn ttt hhh ee nnn mmm ii rrr lll mmm iii rr lll mmm ss ddd aaa ooo sss dd aaa ooo sss eee nnn ttt hhh ee nnn ttt hhh eee lll mmm iii rr lll mmm iii rrr ll ooo sss dd aaa ooo sss ddd aa ooo hhh ee nnn ttt hhh eee nn ttt hhh rr lll mmm iii rrr ll mmm iii rrr aaa ooo sss ddd aa ooo sss ddd aaa ttt hhh eee nn ttt hhh eee nnn tt iii rrr ll mmm iii rrr lll mm iii ddd aa ooo sss ddd aaa oo sss ddd nn ttt hhh eee nnn tt hhh eee nnn mmm iii rrr lll mm iii rrr lll mmm sss ddd aaa oo sss ddd aaa ooo ss eee nnn tt hhh eee nnn ttt hh eee lll mm iii rrr lll mmm ii rrr lll oo sss ddd aaa ooo ss ddd aaa ooo hhh eee nnn ttt hh eee nnn ttt hhh rrr lll mmm ii rrr lll mmm iii rr aaa ooo ss ddd aaa ooo sss dd aaa ttt hh eee nnn ttt hhh ee nnn ttt ii rrr lll mmm iii rr lll mmm iii ddd aaa ooo sss dd aaa ooo sss ddd nnn ttt hhh ee nnn ttt hhh eee nn mmm iii rr lll mmm iii rrr ll mmm sss dd aaa ooo sss ddd aa ooo sss ee nnn ttt hhh eee nn ttt hhh eee lll mmm iii rrr ll mmm iii rrr lll ooo sss ddd aa ooo sss ddd aaa oo hhh eee nn ttt hhh eee nnn tt hhh rrr ll mmm iii rrr lll mm iii rrr aa ooo sss ddd aaa oo sss ddd aaa ttt hhh eee nnn tt hhh eee nnn ttt iii rrr lll mm iii rrr lll mmm ii ddd aaa oo sss ddd aaa ooo ss ddd nnn tt hhh eee nnn ttt hh eee nnn mm iii rrr lll mmm ii rrr lll mmm sss ddd aaa ooo ss ddd aaa ooo sss eee nnn ttt hh eee nnn ttt hhh ee lll mmm ii rrr lll mmm iii rr lll ooo ss ddd aaa ooo sss dd aaa ooo hh eee nnn ttt hhh ee nnn ttt hhh rrr lll mmm iii rr lll mmm iii rrr aaa ooo sss dd aaa ooo sss ddd aa ttt hhh ee nnn ttt hhh eee nn ttt iii rr lll mmm iii rrr ll mmm iii dd aaa ooo sss ddd aa ooo sss ddd nnn ttt hhh eee nn ttt hhh eee nnn mmm iii rrr ll mmm iii rrr lll mm sss ddd aa ooo sss ddd aaa oo sss eee nn ttt hhh eee nnn tt hhh eee ll mmm iii rrr lll mm iii rrr lll ooo sss ddd aaa oo sss ddd aaa ooo hhh eee nnn tt hhh eee nnn ttt hh rrr lll mm iii rrr lll mmm ii rrr aaa oo sss ddd aaa ooo ss ddd aaa tt hhh eee nnn ttt hh eee nnn ttt iii rrr lll mmm ii rrr lll mmm iii ddd aaa ooo ss ddd aaa ooo sss dd nnn ttt hh eee nnn ttt hhh ee nnn mmm ii rrr lll mmm iii rr lll mmm ss ddd aaa ooo sss dd aaa ooo sss eee nnn ttt hhh ee nnn ttt hhh eee lll mmm iii rr lll mmm iii rrr ll ooo sss dd aaa ooo sss ddd aa ooo hhh ee nnn ttt hhh eee nn ttt hhh rr lll mmm iii rrr ll mmm iii rrr aaa ooo sss ddd aa ooo sss ddd aaa ttt hhh eee nn ttt hhh eee nnn tt iii rrr ll mmm iii rrr lll mm iii ddd aa ooo sss ddd aaa oo sss ddd nn ttt hhh eee nnn tt hhh eee nnn mmm iii rrr lll mm iii rrr lll mmm sss ddd aaa oo sss ddd aaa ooo ss eee nnn tt hhh eee nnn ttt hh eee lll mm iii rrr lll mmm ii rrr lll oo sss ddd aaa ooo ss ddd aaa ooo hhh eee nnn ttt hh eee nnn ttt hhh rrr lll mmm ii rrr lll mmm iii rr aaa ooo ss ddd aaa ooo sss dd aaa ttt hh eee nnn ttt hhh ee nnn ttt ii rrr lll mmm iii rr lll mmm iii ddd aaa ooo sss dd aaa ooo sss ddd nnn ttt hhh ee nnn ttt hhh eee nn mmm iii rr lll mmm iii rrr ll mmm sss dd aaa ooo sss ddd aa ooo sss ee nnn ttt hhh eee nn ttt hhh eee lll mmm iii rrr ll mmm iii rrr lll ooo sss ddd aa ooo sss ddd aaa oo hhh eee nn ttt hhh eee nnn tt hhh rrr ll mmm iii rrr lll mm iii rrr aa ooo sss ddd aaa oo sss ddd aaa ttt hhh eee nnn tt hhh eee nnn ttt iii rrr lll mm iii rrr lll mmm ii ddd aaa oo sss ddd aaa ooo ss ddd nnn tt hhh eee nnn ttt hh eee nnn mm iii rrr lll mmm ii rrr lll mmm sss ddd aaa ooo ss ddd aaa ooo sss eee nnn ttt hh eee nnn ttt hhh ee lll mmm ii rrr lll mmm iii rr lll ooo ss ddd aaa ooo sss dd aaa ooo hh eee nnn ttt hhh ee nnn ttt hhh rrr lll mmm iii rr lll mmm iii rrr aaa ooo sss dd aaa ooo sss ddd aa ttt hhh ee nnn ttt hhh eee nn ttt iii rr lll mmm iii rrr ll mmm iii dd aaa ooo sss ddd aa ooo sss ddd nnn ttt hhh eee nn ttt hhh eee nnn mmm iii rrr ll mmm iii rrr lll mm sss ddd aa ooo sss ddd aaa oo sss eee nn ttt hhh eee nnn tt hhh eee ll mmm iii rrr lll mm iii rrr lll ooo sss ddd aaa oo sss ddd aaa ooo hhh eee nnn tt hhh eee nnn ttt hh rrr lll mm iii rrr lll mmm ii rrr aaa oo sss ddd aaa ooo ss ddd aaa tt hhh eee nnn ttt hh eee nnn ttt iii rrr lll mmm ii rrr lll mmm iii ddd aaa ooo ss ddd aaa ooo sss dd nnn ttt hh eee nnn ttt hhh ee nnn mmm ii rrr lll mmm iii rr lll mmm ss ddd aaa ooo sss dd aaa ooo sss eee nnn ttt hhh ee nnn ttt hhh eee lll mmm iii rr lll mmm iii rrr ll ooo sss dd aaa ooo sss ddd aa ooo hhh ee nnn ttt hhh eee nn ttt hhh rr lll mmm iii rrr ll mmm iii rrr aaa ooo sss ddd aa ooo sss ddd aaa ttt hhh eee nn ttt hhh eee nnn tt iii rrr ll mmm iii rrr lll mm iii ddd aa ooo sss ddd aaa oo sss ddd nn ttt hhh eee nnn tt hhh eee nnn mmm iii rrr lll mm iii rrr lll mmm sss ddd aaa oo sss ddd aaa ooo ss eee nnn tt hhh eee nnn ttt hh eee lll mm iii rrr lll mmm ii rrr lll oo sss ddd aaa ooo ss ddd aaa ooo hhh eee nnn ttt hh eee nnn ttt hhh rrr lll mmm ii rrr lll mmm iii rr aaa ooo ss ddd aaa ooo sss dd aaa ttt hh eee nnn ttt hhh ee nnn ttt
aa ooo sss ddd aaa oo sss ddd aaa ttt hhh eee nnn tt hhh eee nnn ttt iii rrr lll mm iii rrr lll mmm ii ddd aaa oo sss ddd aaa ooo ss ddd nnn tt hhh eee nnn ttt hh eee nnn mm iii rrr lll mmm ii rrr lll mmm sss ddd aaa ooo ss ddd aaa ooo sss eee nnn ttt hh eee nnn ttt hhh ee lll mmm ii rrr lll mmm iii rr lll ooo ss ddd aaa ooo sss dd aaa ooo hh eee nnn ttt hhh ee nnn ttt hhh rrr lll mmm iii rr lll mmm iii rrr aaa ooo sss dd aaa ooo sss ddd aa ttt hhh ee nnn ttt hhh eee nn ttt iii rr lll mmm iii rrr ll mmm iii dd aaa ooo sss ddd aa ooo sss ddd nnn ttt hhh eee nn ttt hhh eee nnn mmm iii rrr ll mmm iii rrr lll mm sss ddd aa ooo sss ddd aaa oo sss eee nn ttt hhh eee nnn tt hhh eee ll mmm iii rrr lll mm iii rrr lll ooo sss ddd aaa oo sss ddd aaa ooo hhh eee nnn tt hhh eee nnn ttt hh rrr lll mm iii rrr lll mmm ii rrr aaa oo sss ddd aaa ooo ss ddd aaa tt hhh eee nnn ttt hh eee nnn ttt iii rrr lll mmm ii rrr lll mmm iii ddd aaa ooo ss ddd aaa ooo sss dd nnn ttt hh eee nnn ttt hhh ee nnn mmm ii rrr lll mmm iii rr lll mmm ss ddd aaa ooo sss dd aaa ooo sss eee nnn ttt hhh ee nnn ttt hhh eee lll mmm iii rr lll mmm iii rrr ll ooo sss dd aaa ooo sss ddd aa ooo hhh ee nnn ttt hhh eee nn ttt hhh rr lll mmm iii rrr ll mmm iii rrr aaa ooo sss ddd aa ooo sss ddd aaa ttt hhh eee nn ttt hhh eee nnn tt iii rrr ll mmm iii rrr lll mm iii ddd aa ooo sss ddd aaa oo sss ddd nn ttt hhh eee nnn tt hhh eee nnn mmm iii rrr lll mm iii rrr lll mmm sss ddd aaa oo sss ddd aaa ooo ss eee nnn tt hhh eee nnn ttt hh eee lll mm iii rrr lll mmm ii rrr lll oo sss ddd aaa ooo ss ddd aaa ooo hhh eee nnn ttt hh eee nnn ttt hhh rrr lll mmm ii rrr lll mmm iii rr aaa ooo ss ddd aaa ooo sss dd aaa ttt hh eee nnn ttt hhh ee nnn ttt ii rrr lll mmm iii rr lll mmm iii ddd aaa ooo sss dd aaa ooo sss ddd nnn ttt hhh ee nnn ttt hhh eee nn mmm iii rr lll mmm iii rrr ll mmm sss dd aaa ooo sss ddd aa ooo sss ee nnn ttt hhh eee nn ttt hhh eee lll mmm iii rrr ll mmm iii rrr lll ooo sss ddd aa ooo sss ddd aaa oo hhh eee nn ttt hhh eee nnn tt hhh rrr ll mmm iii rrr lll mm iii rrr aa ooo sss ddd aaa oo sss ddd aaa ttt hhh eee nnn tt hhh eee nnn ttt iii rrr lll mm iii rrr lll mmm ii ddd aaa oo sss ddd aaa ooo ss ddd nnn tt hhh eee nnn ttt hh eee nnn mm iii rrr lll mmm ii rrr lll mmm sss ddd aaa ooo ss ddd aaa ooo sss eee nnn ttt hh eee nnn ttt hhh ee lll mmm ii rrr lll mmm iii rr lll ooo ss ddd aaa ooo sss dd aaa ooo hh eee nnn ttt hhh ee nnn ttt hhh rrr lll mmm iii rr lll mmm iii rrr aaa ooo sss dd aaa ooo sss ddd aa ttt hhh ee nnn ttt hhh eee nn ttt iii rr lll mmm iii rrr ll mmm iii dd aaa ooo sss ddd aa ooo sss ddd nnn ttt hhh eee nn ttt hhh eee nnn mmm iii rrr ll mmm iii rrr lll mm sss ddd aa ooo sss ddd aaa oo sss eee nn ttt hhh eee nnn tt hhh eee ll mmm iii rrr lll mm iii rrr lll ooo sss ddd aaa oo sss ddd aaa ooo hhh eee nnn tt hhh eee nnn ttt hh rrr lll mm iii rrr lll mmm ii rrr aaa oo sss ddd aaa ooo ss ddd aaa tt hhh eee nnn ttt hh eee nnn ttt iii rrr lll mmm ii rrr lll mmm iii ddd aaa ooo ss ddd aaa ooo sss dd nnn ttt hh eee nnn ttt hhh ee nnn mmm ii rrr lll mmm iii rr lll mmm ss ddd aaa ooo sss dd aaa ooo sss eee nnn ttt hhh ee nnn ttt hhh eee lll mmm iii rr lll mmm iii rrr ll ooo sss dd aaa ooo sss ddd aa ooo hhh ee nnn ttt hhh eee nn ttt hhh rr lll mmm iii rrr ll mmm iii rrr aaa ooo sss ddd aa ooo sss ddd aaa ttt hhh eee nn ttt hhh eee nnn tt iii rrr ll mmm iii rrr lll mm iii ddd aa ooo sss ddd aaa oo sss ddd nn ttt hhh eee nnn tt hhh eee nnn mmm iii rrr lll mm iii rrr lll mmm sss ddd aaa oo sss ddd aaa ooo ss eee nnn tt hhh eee nnn ttt hh eee lll mm iii rrr lll mmm ii rrr lll oo sss ddd aaa ooo ss ddd aaa ooo hhh eee nnn ttt hh eee nnn ttt hhh rrr lll mmm ii rrr lll mmm iii rr aaa ooo ss ddd aaa ooo sss dd aaa ttt hh eee nnn ttt hhh ee nnn ttt ii rrr lll mmm iii rr lll mmm iii ddd aaa ooo sss dd aaa ooo sss ddd nnn ttt hhh ee nnn ttt hhh eee nn mmm iii rr lll mmm iii rrr ll mmm sss dd aaa ooo sss ddd aa ooo sss ee nnn ttt hhh eee nn ttt hhh eee lll mmm iii rrr ll mmm iii rrr lll ooo sss ddd aa ooo sss ddd aaa oo hhh eee nn ttt hhh eee nnn tt hhh rrr ll mmm iii rrr lll mm iii rrr aa ooo sss ddd aaa oo sss ddd aaa ttt hhh eee nnn tt hhh eee nnn ttt iii rrr lll mm iii rrr lll mmm ii ddd aaa oo sss ddd aaa ooo ss ddd nnn tt hhh eee nnn ttt hh eee nnn mm iii rrr lll mmm ii rrr lll mmm sss ddd aaa ooo ss ddd aaa ooo sss eee nnn ttt hh eee nnn ttt hhh ee lll mmm ii rrr lll mmm iii rr lll ooo ss ddd aaa ooo sss dd aaa ooo hh eee nnn ttt hhh ee nnn ttt hhh rrr lll mmm iii rr lll mmm iii rrr aaa ooo sss dd aaa ooo sss ddd aa ttt hhh ee nnn ttt hhh eee nn ttt iii rr lll mmm iii rrr ll mmm iii dd aaa ooo sss ddd aa ooo sss ddd nnn ttt hhh eee nn ttt hhh eee nnn mmm iii rrr ll mmm iii rrr lll mm sss ddd aa ooo sss ddd aaa oo sss eee nn ttt hhh eee nnn tt hhh eee ll mmm iii rrr lll mm iii rrr lll ooo sss ddd aaa oo sss ddd aaa ooo hhh eee nnn tt hhh eee nnn ttt hh rrr lll mm iii rrr lll mmm ii rrr aaa oo sss ddd aaa ooo ss ddd aaa tt hhh eee nnn ttt hh eee nnn ttt iii rrr lll mmm ii rrr lll mmm iii ddd aaa ooo ss ddd aaa ooo sss dd nnn ttt hh eee nnn ttt hhh ee nnn mmm ii rrr lll mmm iii rr lll mmm ss ddd aaa ooo sss dd aaa ooo sss eee nnn ttt hhh ee nnn ttt hhh eee lll mmm iii rr lll mmm iii rrr ll ooo sss dd aaa ooo sss ddd aa ooo hhh ee nnn ttt hhh eee nn ttt hhh rr lll mmm iii rrr ll mmm iii rrr aaa ooo sss ddd aa ooo sss ddd aaa ttt hhh eee nn ttt hhh eee nnn tt iii rrr ll mmm iii rrr lll mm iii ddd aa ooo sss ddd aaa oo sss ddd nn ttt hhh eee nnn tt hhh eee nnn mmm iii rrr lll mm iii rrr lll mmm sss ddd aaa oo sss ddd aaa ooo ss eee nnn tt hhh eee nnn ttt hh eee lll mm iii rrr lll mmm ii rrr lll oo sss ddd aaa ooo ss ddd aaa ooo hhh eee nnn ttt hh eee nnn ttt hhh rrr lll mmm ii rrr lll mmm iii rr aaa ooo ss ddd aaa ooo sss dd aaa ttt hh eee nnn ttt hhh ee nnn ttt ii rrr lll mmm iii rr lll mmm iii ddd aaa ooo sss dd aaa ooo sss ddd nnn ttt hhh ee nnn ttt hhh eee nn mmm iii rr lll mmm iii rrr ll mmm sss dd aaa ooo sss ddd aa ooo sss ee nnn ttt hhh eee nn ttt hhh eee lll mmm iii rrr ll mmm iii rrr lll ooo sss ddd aa ooo sss ddd aaa oo hhh eee nn ttt hhh eee nnn tt hhh rrr ll mmm iii rrr lll mm iii rrr aa ooo sss ddd aaa oo sss ddd aaa ttt hhh eee nnn tt hhh eee nnn ttt iii rrr lll mm iii rrr lll mmm ii ddd aaa oo sss ddd aaa ooo ss ddd nnn tt hhh eee nnn ttt hh eee nnn mm iii rrr lll mmm ii rrr lll mmm sss ddd aaa ooo ss ddd aaa ooo sss eee nnn ttt hh eee nnn ttt hhh ee lll mmm ii rrr lll mmm iii rr lll ooo ss ddd aaa ooo sss dd aaa ooo hh eee nnn ttt hhh ee nnn ttt hhh rrr lll mmm iii rr lll mmm iii rrr aaa ooo sss dd aaa ooo sss ddd aa ttt hhh ee nnn ttt hhh eee nn ttt iii rr lll mmm iii rrr ll mmm iii dd aaa ooo sss ddd aa ooo sss ddd nnn ttt hhh eee nn ttt hhh eee nnn mmm iii rrr ll mmm iii rrr lll mm sss ddd aa ooo sss ddd aaa oo sss eee nn ttt hhh eee nnn tt hhh eee ll mmm iii rrr lll mm iii rrr lll ooo sss ddd aaa oo sss ddd aaa ooo hhh eee nnn tt hhh eee nnn ttt hh rrr lll mm iii rrr lll mmm ii rrr aaa oo sss ddd aaa ooo ss ddd aaa tt hhh eee nnn ttt hh eee nnn ttt iii rrr lll mmm ii rrr lll mmm iii ddd aaa ooo ss ddd aaa ooo sss dd nnn ttt hh eee nnn ttt hhh ee nnn mmm ii rrr lll mmm iii rr lll mmm ss ddd aaa ooo sss dd aaa ooo sss eee nnn ttt hhh ee nnn ttt hhh eee lll mmm iii rr lll mmm iii rrr ll ooo sss dd aaa ooo sss ddd aa ooo hhh ee nnn ttt hhh eee nn ttt hhh rr lll mmm iii rrr ll mmm iii rrr aaa ooo sss ddd aa ooo sss ddd aaa ttt hhh eee nn ttt hhh eee nnn tt iii rrr ll mmm iii rrr lll mm iii ddd aa ooo sss ddd aaa oo sss ddd nn ttt hhh eee nnn tt hhh eee nnn mmm iii rrr lll mm iii rrr lll mmm sss ddd aaa oo sss ddd aaa ooo ss eee nnn tt hhh eee nnn ttt hh eee lll mm iii rrr lll mmm ii rrr lll oo sss ddd aaa ooo ss ddd aaa ooo hhh eee nnn ttt hh eee nnn ttt hhh rrr lll mmm ii rrr lll mmm iii rr aaa ooo ss ddd aaa ooo sss dd aaa ttt hh eee nnn ttt hhh ee nnn ttt
aa ooo sss ddd aaa oo sss ddd aaa ttt hhh eee nnn tt hhh eee nnn ttt iii rrr lll mm iii rrr lll mmm ii ddd aaa oo sss ddd aaa ooo ss ddd nnn tt hhh eee nnn ttt hh eee nnn mm iii rrr lll mmm ii rrr lll mmm sss ddd aaa ooo ss ddd aaa ooo sss eee nnn ttt hh eee nnn ttt hhh ee lll mmm ii rrr lll mmm iii rr lll ooo ss ddd aaa ooo sss dd aaa ooo hh eee nnn ttt hhh ee nnn ttt hhh rrr lll mmm iii rr lll mmm iii rrr aaa ooo sss dd aaa ooo sss ddd aa ttt hhh ee nnn ttt hhh eee nn ttt iii rr lll mmm iii rrr ll mmm iii dd aaa ooo sss ddd aa ooo sss ddd nnn ttt hhh eee nn ttt hhh eee nnn mmm iii rrr ll mmm iii rrr lll mm sss ddd aa ooo sss ddd aaa oo sss eee nn ttt hhh eee nnn tt hhh eee ll mmm iii rrr lll mm iii rrr lll ooo sss ddd aaa oo sss ddd aaa ooo hhh eee nnn tt hhh eee nnn ttt hh rrr lll mm iii rrr lll mmm ii rrr aaa oo sss ddd aaa ooo ss ddd aaa tt hhh eee nnn ttt hh eee nnn ttt iii rrr lll mmm ii rrr lll mmm iii ddd aaa ooo ss ddd aaa ooo sss dd nnn ttt hh eee nnn ttt hhh ee nnn mmm ii rrr lll mmm iii rr lll mmm ss ddd aaa ooo sss dd aaa ooo sss eee nnn ttt hhh ee nnn ttt hhh eee lll mmm iii rr lll mmm iii rrr ll ooo sss dd aaa ooo sss ddd aa ooo hhh ee nnn ttt hhh eee nn ttt hhh rr lll mmm iii rrr ll mmm iii rrr aaa ooo sss ddd aa ooo sss ddd aaa ttt hhh eee nn ttt hhh eee nnn tt iii rrr ll mmm iii rrr lll mm iii ddd aa ooo sss ddd aaa oo sss ddd
TE ARO RECLAMATION BILL.
aa ooo sss ddd aaa oo sss ddd aaa ttt hhh eee nnn tt hhh eee nnn ttt iii rrr lll mm iii rrr lll mmm ii ddd aaa oo sss ddd aaa ooo ss ddd nnn tt hhh eee nnn ttt hh eee nnn mm iii rrr lll mmm ii rrr lll mmm sss ddd aaa ooo ss ddd aaa ooo sss eee nnn ttt hh eee nnn ttt hhh ee lll mmm ii rrr lll mmm iii rr lll ooo ss ddd aaa ooo sss dd aaa ooo hh eee nnn ttt hhh ee nnn ttt hhh rrr lll mmm iii rr lll mmm iii rrr aaa ooo sss dd aaa ooo sss ddd aa ttt hhh ee nnn ttt hhh eee nn ttt iii rr lll mmm iii rrr ll mmm iii dd aaa ooo sss ddd aa ooo sss ddd nnn ttt hhh eee nn ttt hhh eee nnn mmm iii rrr ll mmm iii rrr lll mm sss ddd aa ooo sss ddd aaa oo sss eee nn ttt hhh eee nnn tt hhh eee ll mmm iii rrr lll mm iii rrr lll ooo sss ddd aaa oo sss ddd aaa ooo hhh eee nnn tt hhh eee nnn ttt hh rrr lll mm iii rrr lll mmm ii rrr aaa oo sss ddd aaa ooo ss ddd aaa tt hhh eee nnn ttt hh eee nnn ttt iii rrr lll mmm ii rrr lll mmm iii ddd aaa ooo ss ddd aaa ooo sss dd nnn ttt hh eee nnn ttt hhh ee nnn mmm ii rrr lll mmm iii rr lll mmm ss ddd aaa ooo sss dd aaa ooo sss eee nnn ttt hhh ee nnn ttt hhh eee lll mmm iii rr lll mmm iii rrr ll ooo sss dd aaa ooo sss ddd aa ooo hhh ee nnn ttt hhh eee nn ttt hhh rr lll mmm iii rrr ll mmm iii rrr aaa ooo sss ddd aa ooo sss ddd aaa ttt hhh eee nn ttt hhh eee nnn tt iii rrr ll mmm iii rrr lll mm iii ddd aa ooo sss ddd aaa oo sss ddd nn ttt hhh eee nnn tt hhh eee nnn mmm iii rrr lll mm iii rrr lll mmm sss ddd aaa oo sss ddd aaa ooo ss eee nnn tt hhh eee nnn ttt hh eee lll mm iii rrr lll mmm ii rrr lll oo sss ddd aaa ooo ss ddd aaa ooo hhh eee nnn ttt hh eee nnn ttt hhh rrr lll mmm ii rrr lll mmm iii rr aaa ooo ss ddd aaa ooo sss dd aaa ttt hh eee nnn ttt hhh ee nnn ttt ii rrr lll mmm iii rr lll mmm iii ddd aaa ooo sss dd aaa ooo sss ddd nnn ttt hhh ee nnn ttt hhh eee nn mmm iii rr lll mmm iii rrr ll mmm sss dd aaa ooo sss ddd aa ooo sss ee nnn ttt hhh eee nn ttt hhh eee lll mmm iii rrr ll mmm iii rrr lll ooo sss ddd aa ooo sss ddd aaa oo hhh eee nn ttt hhh eee nnn tt hhh rrr ll mmm iii rrr lll mm iii rrr aa ooo sss ddd aaa oo sss ddd aaa ttt hhh eee nnn tt hhh eee nnn ttt iii rrr lll mm iii rrr lll mmm ii ddd aaa oo sss ddd aaa ooo ss ddd nnn tt hhh eee nnn ttt hh eee nnn mm iii rrr lll mmm ii rrr lll mmm sss ddd aaa ooo ss ddd aaa ooo sss eee nnn ttt hh eee nnn ttt hhh ee lll mmm ii rrr lll mmm iii rr lll ooo ss ddd aaa ooo sss dd aaa ooo hh eee nnn ttt hhh ee nnn ttt hhh rrr lll mmm iii rr lll mmm iii rrr aaa ooo sss dd aaa ooo sss ddd aa ttt hhh ee nnn ttt hhh eee nn ttt iii rr lll mmm iii rrr ll mmm iii dd aaa ooo sss ddd aa ooo sss ddd nnn ttt hhh eee nn ttt hhh eee nnn mmm iii rrr ll mmm iii rrr lll mm sss ddd aa ooo sss ddd aaa oo sss eee nn ttt hhh eee nnn tt hhh eee ll mmm iii rrr lll mm iii rrr lll ooo sss ddd aaa oo sss ddd aaa ooo hhh eee nnn tt hhh eee nnn ttt hh rrr lll mm iii rrr lll mmm ii rrr aaa oo sss ddd aaa ooo ss ddd aaa tt hhh eee nnn ttt hh eee nnn ttt iii rrr lll mmm ii rrr lll mmm iii ddd aaa ooo ss ddd aaa ooo sss dd nnn ttt hh eee nnn ttt hhh ee nnn mmm ii rrr lll mmm iii rr lll mmm ss ddd aaa ooo sss dd aaa ooo sss eee nnn ttt hhh ee nnn ttt hhh eee lll mmm iii rr lll mmm iii rrr ll ooo sss dd aaa ooo sss ddd aa ooo hhh ee nnn ttt hhh eee nn ttt hhh rr lll mmm iii rrr ll mmm iii rrr aaa ooo sss ddd aa ooo sss ddd aaa ttt hhh eee nn ttt hhh eee nnn tt iii rrr ll mmm iii rrr lll mm iii ddd aa ooo sss ddd aaa oo sss ddd nn ttt hhh eee nnn tt hhh eee nnn mmm iii rrr lll mm iii rrr lll mmm sss ddd aaa oo sss ddd aaa ooo ss eee nnn tt hhh eee nnn ttt hh eee lll mm iii rrr lll mmm ii rrr lll oo sss ddd aaa ooo ss ddd aaa ooo hhh eee nnn ttt hh eee nnn ttt hhh rrr lll mmm ii rrr lll mmm iii rr aaa ooo ss ddd aaa ooo sss dd aaa ttt hh eee nnn ttt hhh ee nnn ttt ii rrr lll mmm iii rr lll mmm iii ddd aaa ooo sss dd aaa ooo sss ddd nnn ttt hhh ee nnn ttt hhh eee nn mmm iii rr lll mmm iii rrr ll mmm sss dd aaa ooo sss ddd aa ooo sss ee nnn ttt hhh eee nn ttt hhh eee lll mmm iii rrr ll mmm iii rrr lll ooo sss ddd aa ooo sss ddd aaa oo hhh eee nn ttt hhh eee nnn tt hhh rrr ll mmm iii rrr lll mm iii rrr aa ooo sss ddd aaa oo sss ddd aaa ttt hhh eee nnn tt hhh eee nnn ttt iii rrr lll mm iii rrr lll mmm ii ddd aaa oo sss ddd aaa ooo ss ddd nnn tt hhh eee nnn ttt hh eee nnn mm iii rrr lll mmm ii rrr lll mmm sss ddd aaa ooo ss ddd aaa ooo sss eee nnn ttt hh eee nnn ttt hhh ee lll mmm ii rrr lll mmm iii rr lll ooo ss ddd aaa ooo sss dd aaa ooo hh eee nnn ttt hhh ee nnn ttt hhh rrr lll mmm iii rr lll mmm iii rrr aaa ooo sss dd aaa ooo sss ddd aa ttt hhh ee nnn ttt hhh eee nn ttt iii rr lll mmm iii rrr ll mmm iii dd aaa ooo sss ddd aa ooo sss ddd nnn ttt hhh eee nn ttt hhh eee nnn mmm iii rrr ll mmm iii rrr lll mm sss ddd aa ooo sss ddd aaa oo sss eee nn ttt hhh eee nnn tt hhh eee ll mmm iii rrr lll mm iii rrr lll ooo sss ddd aaa oo sss ddd aaa ooo hhh eee nnn tt hhh eee nnn ttt hh rrr lll mm iii rrr lll mmm ii rrr aaa oo sss ddd aaa ooo ss ddd aaa tt hhh eee nnn ttt hh eee nnn ttt iii rrr lll mmm ii rrr lll mmm iii ddd aaa ooo ss ddd aaa ooo sss dd nnn ttt hh eee nnn ttt hhh ee nnn mmm ii rrr lll mmm iii rr lll mmm ss ddd aaa ooo sss dd aaa ooo sss eee nnn ttt hhh ee nnn ttt hhh eee lll mmm iii rr lll mmm iii rrr ll ooo sss dd aaa ooo sss ddd aa ooo hhh ee nnn ttt hhh eee nn ttt hhh rr lll mmm iii rrr ll mmm iii rrr aaa ooo sss ddd aa ooo sss ddd aaa ttt hhh eee nn ttt hhh eee nnn tt iii rrr ll mmm iii rrr lll mm iii ddd aa ooo sss ddd aaa oo sss ddd nn ttt hhh eee nnn tt hhh eee nnn mmm iii rrr lll mm iii rrr lll mmm sss ddd aaa oo sss ddd aaa ooo ss eee nnn tt hhh eee nnn ttt hh eee lll mm iii rrr lll mmm ii rrr lll oo sss ddd aaa ooo ss ddd aaa ooo hhh eee nnn ttt hh eee nnn ttt hhh rrr lll mmm ii rrr lll mmm iii rr aaa ooo ss ddd aaa ooo sss dd aaa ttt hh eee nnn ttt hhh ee nnn ttt
